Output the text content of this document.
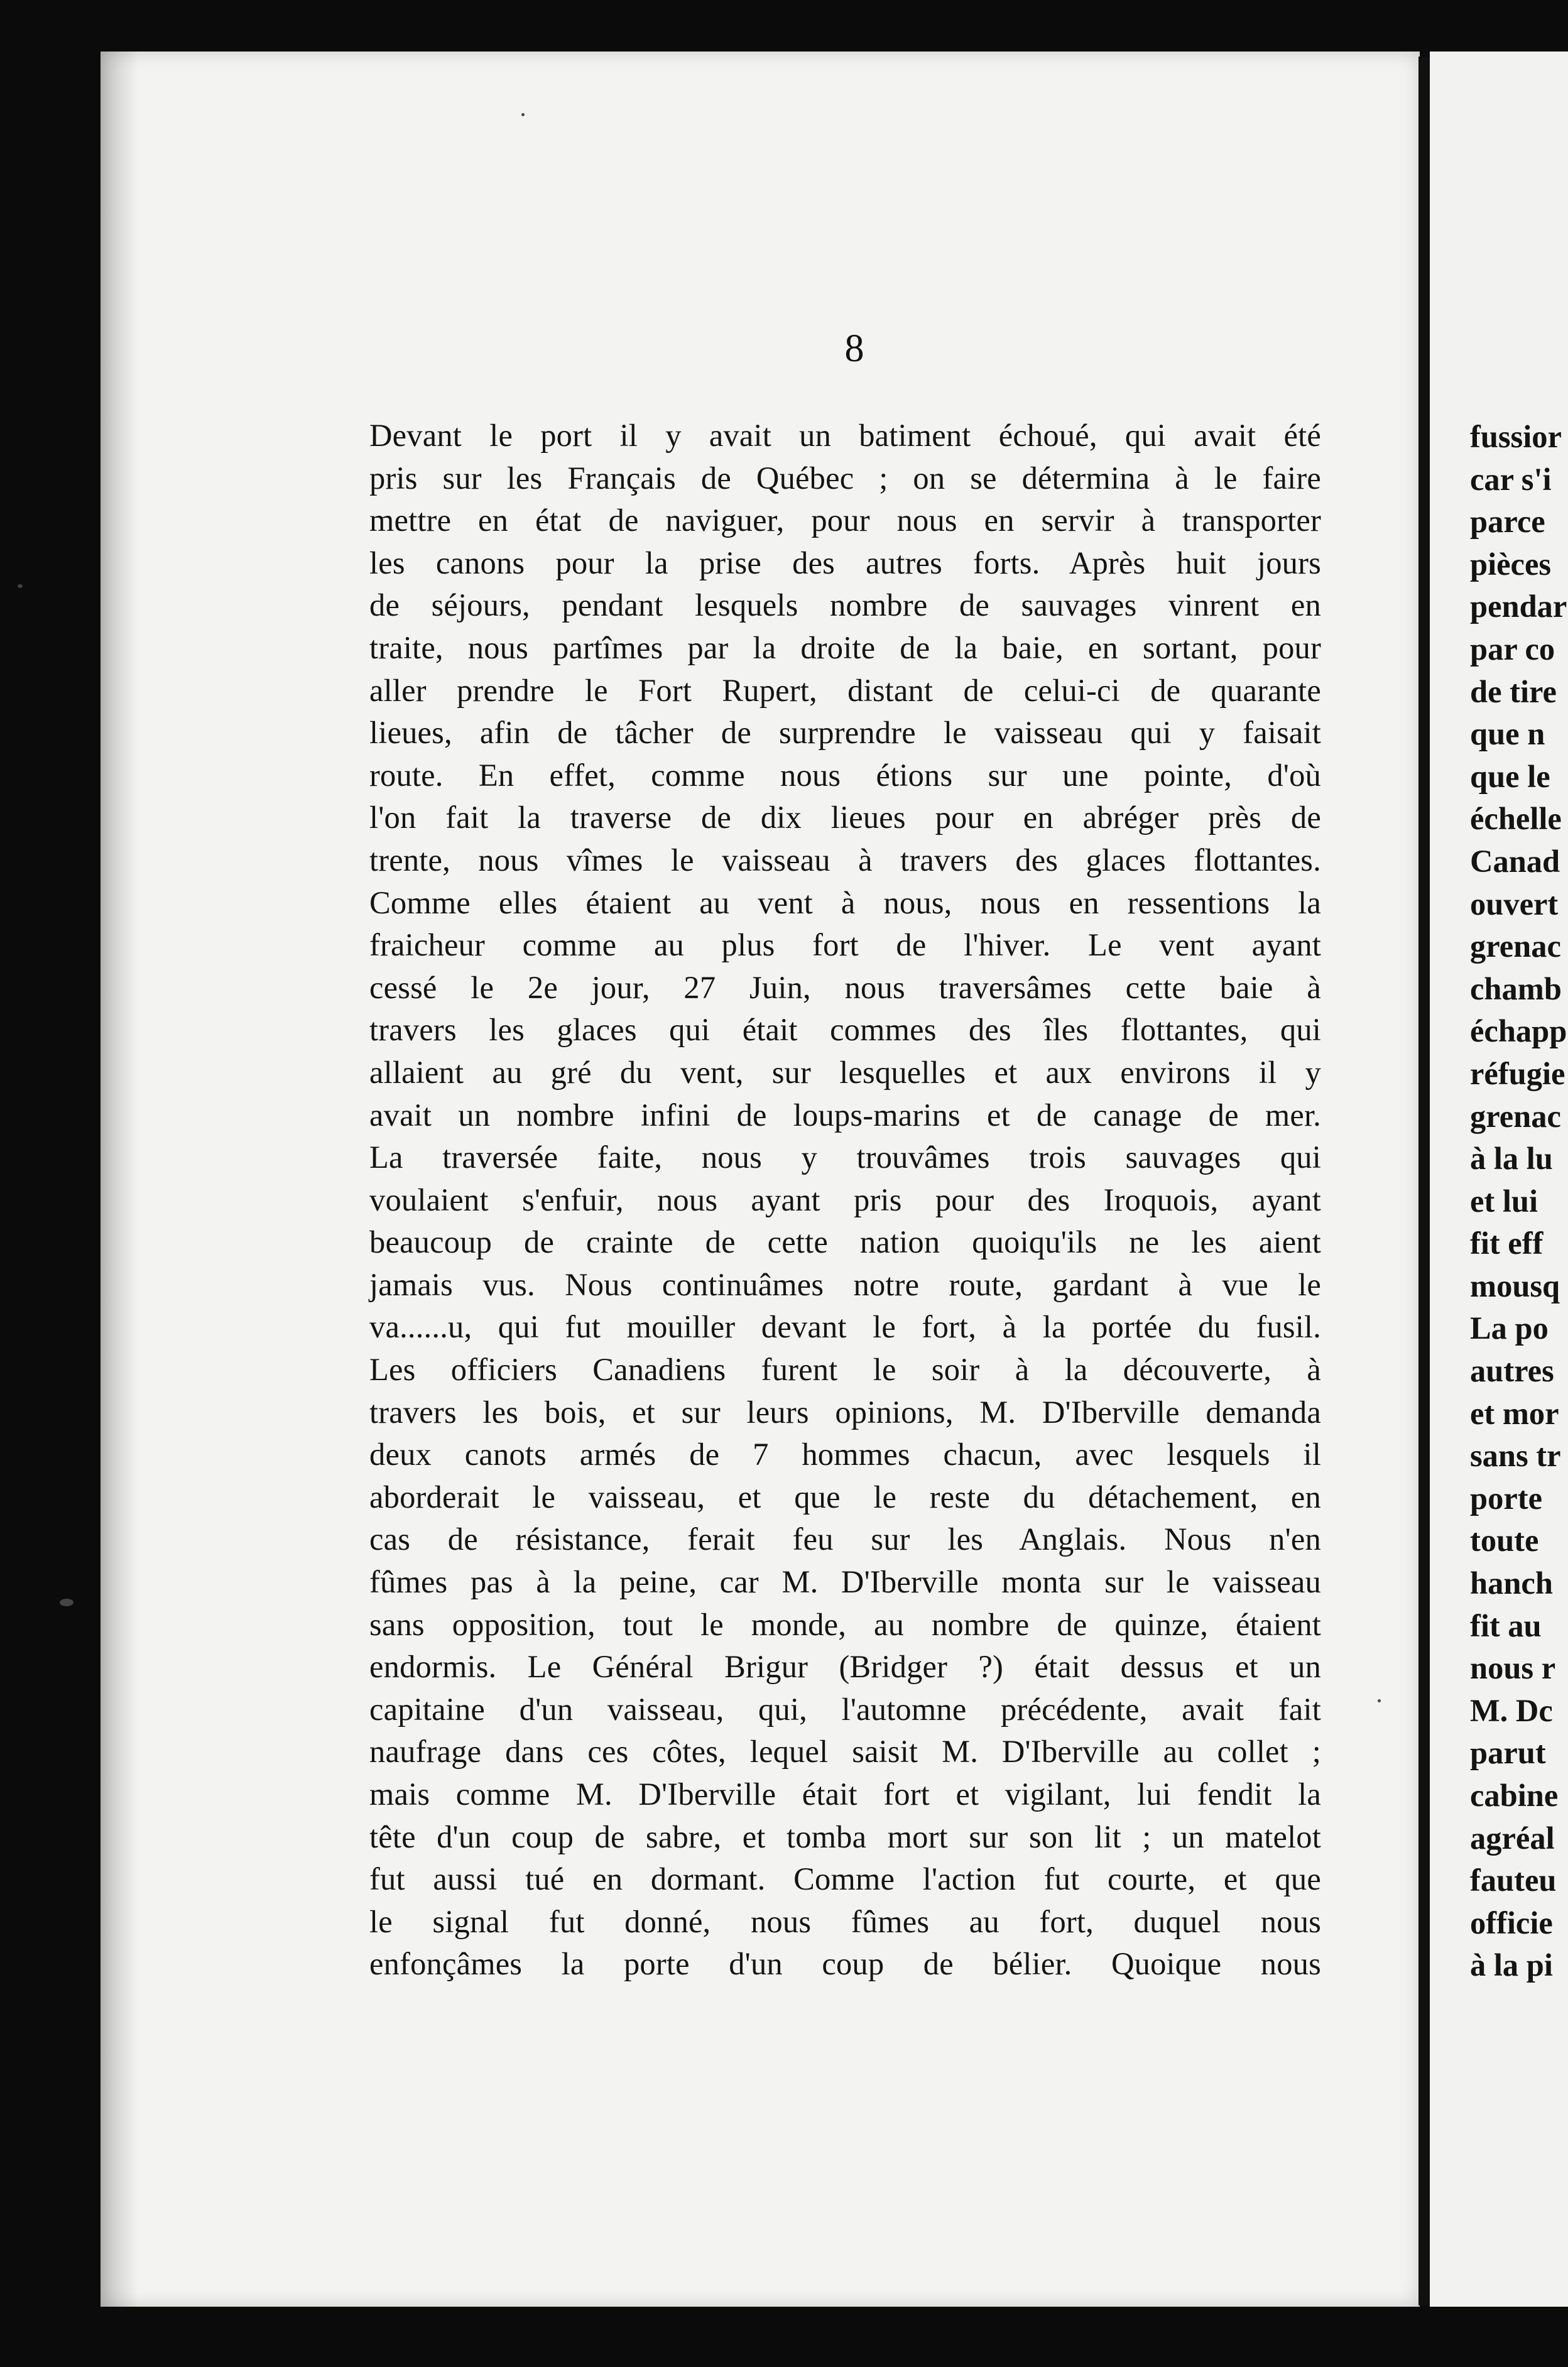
8
Devant le port il y avait un batiment échoué, qui avait été
pris sur les Français de Québec ; on se détermina à le faire
mettre en état de naviguer, pour nous en servir à transporter
les canons pour la prise des autres forts. Après huit jours
de séjours, pendant lesquels nombre de sauvages vinrent en
traite, nous partîmes par la droite de la baie, en sortant, pour
aller prendre le Fort Rupert, distant de celui-ci de quarante
lieues, afin de tâcher de surprendre le vaisseau qui y faisait
route. En effet, comme nous étions sur une pointe, d'où
l'on fait la traverse de dix lieues pour en abréger près de
trente, nous vîmes le vaisseau à travers des glaces flottantes.
Comme elles étaient au vent à nous, nous en ressentions la
fraicheur comme au plus fort de l'hiver. Le vent ayant
cessé le 2e jour, 27 Juin, nous traversâmes cette baie à
travers les glaces qui était commes des îles flottantes, qui
allaient au gré du vent, sur lesquelles et aux environs il y
avait un nombre infini de loups-marins et de canage de mer.
La traversée faite, nous y trouvâmes trois sauvages qui
voulaient s'enfuir, nous ayant pris pour des Iroquois, ayant
beaucoup de crainte de cette nation quoiqu'ils ne les aient
jamais vus. Nous continuâmes notre route, gardant à vue le
va......u, qui fut mouiller devant le fort, à la portée du fusil.
Les officiers Canadiens furent le soir à la découverte, à
travers les bois, et sur leurs opinions, M. D'Iberville demanda
deux canots armés de 7 hommes chacun, avec lesquels il
aborderait le vaisseau, et que le reste du détachement, en
cas de résistance, ferait feu sur les Anglais. Nous n'en
fûmes pas à la peine, car M. D'Iberville monta sur le vaisseau
sans opposition, tout le monde, au nombre de quinze, étaient
endormis. Le Général Brigur (Bridger ?) était dessus et un
capitaine d'un vaisseau, qui, l'automne précédente, avait fait
naufrage dans ces côtes, lequel saisit M. D'Iberville au collet ;
mais comme M. D'Iberville était fort et vigilant, lui fendit la
tête d'un coup de sabre, et tomba mort sur son lit ; un matelot
fut aussi tué en dormant. Comme l'action fut courte, et que
le signal fut donné, nous fûmes au fort, duquel nous
enfonçâmes la porte d'un coup de bélier. Quoique nous
fussior
car s'i
parce
pièces
pendar
par co
de tire
que n
que le
échelle
Canad
ouvert
grenac
chamb
échapp
réfugie
grenac
à la lu
et lui
fit eff
mousq
La po
autres
et mor
sans tr
porte
toute
hanch
fit au
nous r
M. Dc
parut
cabine
agréal
fauteu
officie
à la pi
